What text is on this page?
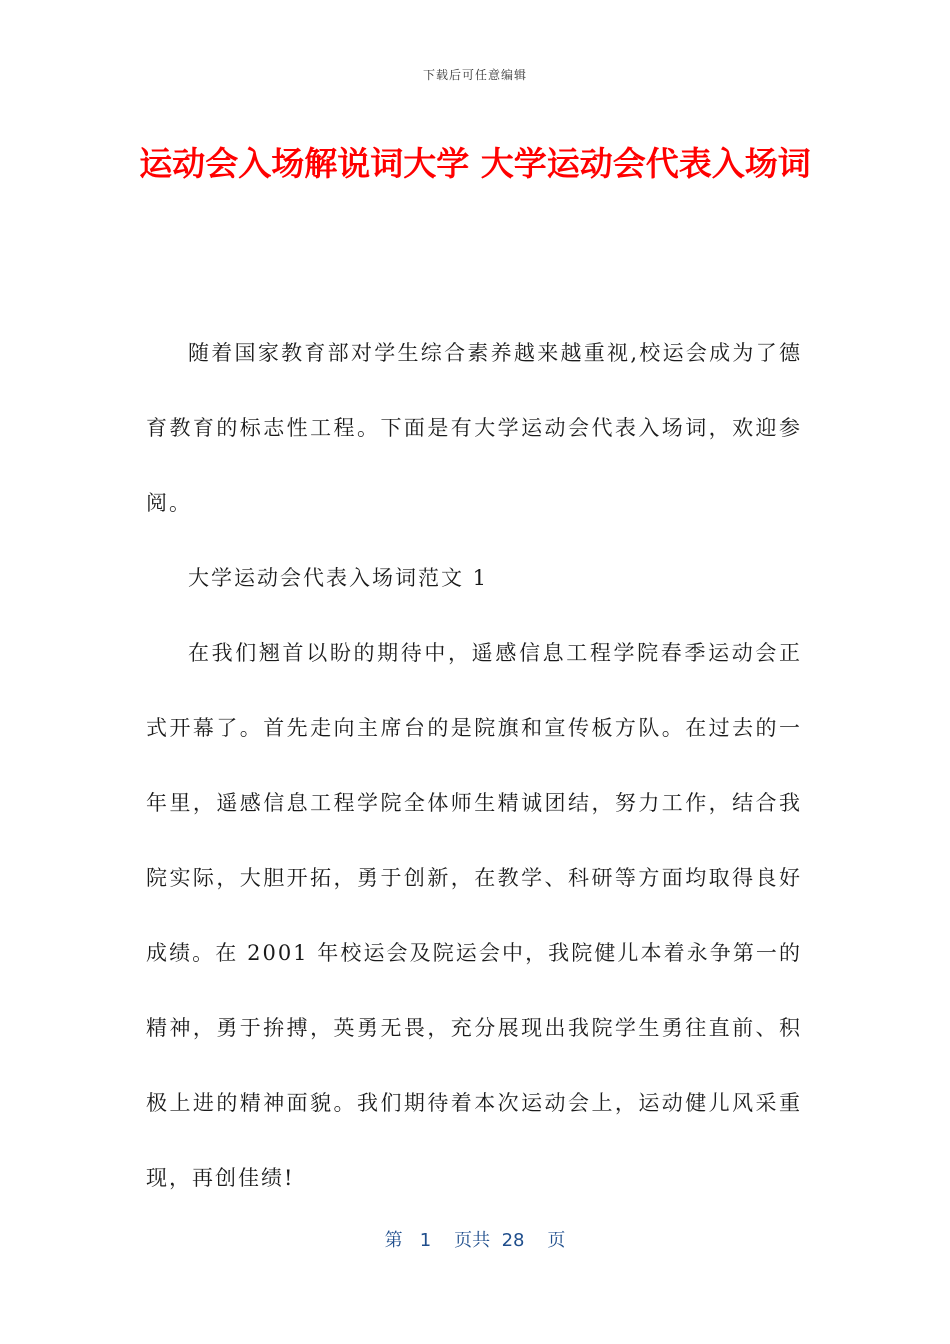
下载后可任意编辑
运动会入场解说词大学 大学运动会代表入场词

随着国家教育部对学生综合素养越来越重视,校运会成为了德育教育的标志性工程。下面是有大学运动会代表入场词，欢迎参阅。

大学运动会代表入场词范文 1

在我们翘首以盼的期待中，遥感信息工程学院春季运动会正式开幕了。首先走向主席台的是院旗和宣传板方队。在过去的一年里，遥感信息工程学院全体师生精诚团结，努力工作，结合我院实际，大胆开拓，勇于创新，在教学、科研等方面均取得良好成绩。在 2001 年校运会及院运会中，我院健儿本着永争第一的精神，勇于拚搏，英勇无畏，充分展现出我院学生勇往直前、积极上进的精神面貌。我们期待着本次运动会上，运动健儿风采重现，再创佳绩!

第 1 页共 28 页
